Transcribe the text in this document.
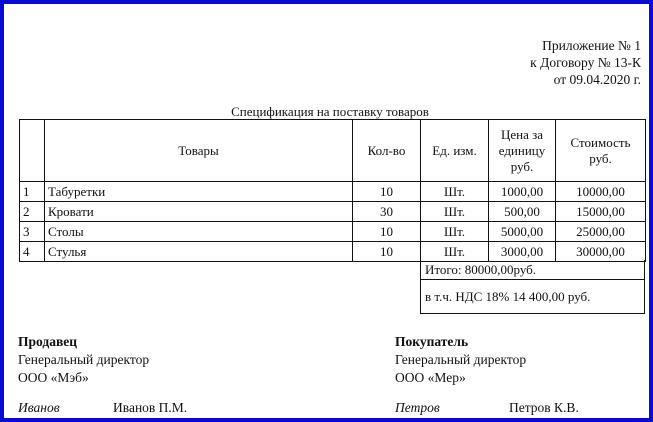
Приложение № 1
к Договору № 13-К
от 09.04.2020 г.
Спецификация на поставку товаров
	Товары	Кол-во	Ед. изм.	Цена за единицу руб.	Стоимость руб.
1	Табуретки	10	Шт.	1000,00	10000,00
2	Кровати	30	Шт.	500,00	15000,00
3	Столы	10	Шт.	5000,00	25000,00
4	Стулья	10	Шт.	3000,00	30000,00
Итого: 80000,00руб.
в т.ч. НДС 18% 14 400,00 руб.
Продавец
Генеральный директор
ООО «Мэб»
Иванов	Иванов П.М.
Покупатель
Генеральный директор
ООО «Мер»
Петров	Петров К.В.
